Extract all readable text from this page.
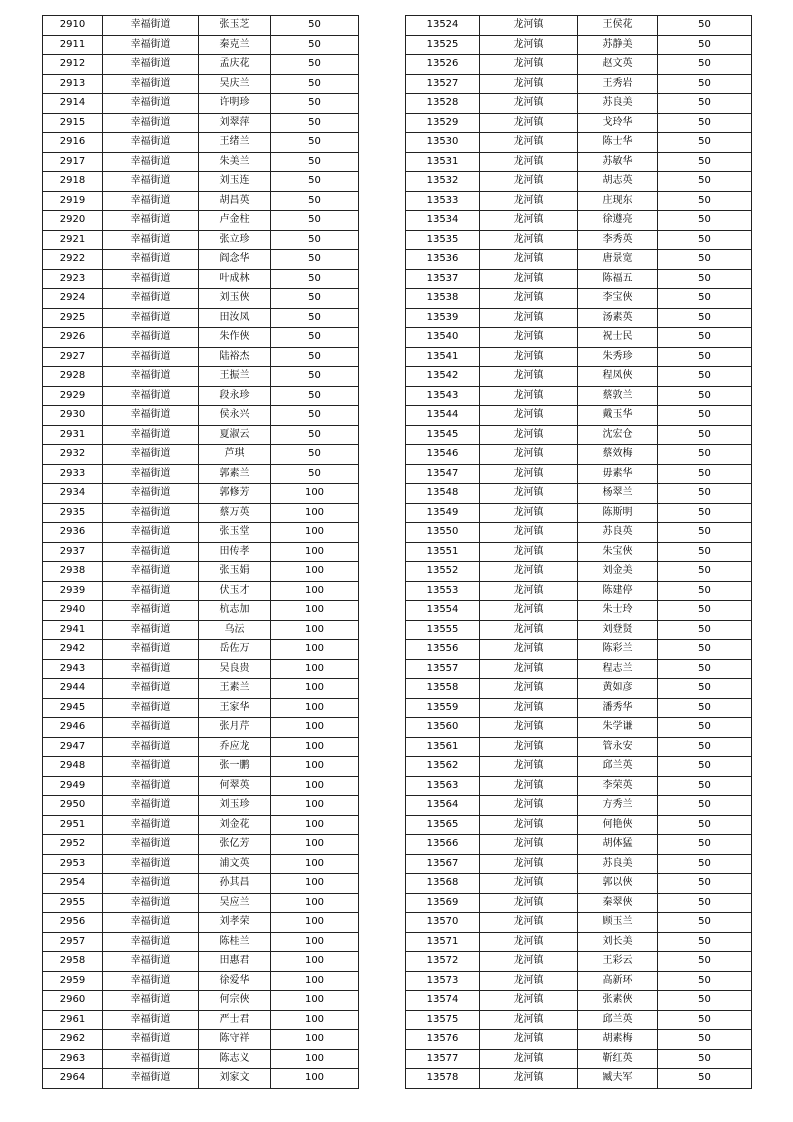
2910	幸福街道	张玉芝	50
2911	幸福街道	秦克兰	50
2912	幸福街道	孟庆花	50
2913	幸福街道	吴庆兰	50
2914	幸福街道	许明珍	50
2915	幸福街道	刘翠萍	50
2916	幸福街道	王绪兰	50
2917	幸福街道	朱美兰	50
2918	幸福街道	刘玉连	50
2919	幸福街道	胡昌英	50
2920	幸福街道	卢金柱	50
2921	幸福街道	张立珍	50
2922	幸福街道	阎念华	50
2923	幸福街道	叶成林	50
2924	幸福街道	刘玉俠	50
2925	幸福街道	田汝凤	50
2926	幸福街道	朱作俠	50
2927	幸福街道	陆裕杰	50
2928	幸福街道	王振兰	50
2929	幸福街道	段永珍	50
2930	幸福街道	侯永兴	50
2931	幸福街道	夏淑云	50
2932	幸福街道	芦琪	50
2933	幸福街道	郭素兰	50
2934	幸福街道	郭修芳	100
2935	幸福街道	蔡万英	100
2936	幸福街道	张玉堂	100
2937	幸福街道	田传孝	100
2938	幸福街道	张玉娟	100
2939	幸福街道	伏玉才	100
2940	幸福街道	杭志加	100
2941	幸福街道	乌沄	100
2942	幸福街道	岳佐万	100
2943	幸福街道	吴良贵	100
2944	幸福街道	王素兰	100
2945	幸福街道	王家华	100
2946	幸福街道	张月芹	100
2947	幸福街道	乔应龙	100
2948	幸福街道	张一鹏	100
2949	幸福街道	何翠英	100
2950	幸福街道	刘玉珍	100
2951	幸福街道	刘金花	100
2952	幸福街道	张亿芳	100
2953	幸福街道	浦文英	100
2954	幸福街道	孙其昌	100
2955	幸福街道	吴应兰	100
2956	幸福街道	刘孝荣	100
2957	幸福街道	陈桂兰	100
2958	幸福街道	田惠君	100
2959	幸福街道	徐爱华	100
2960	幸福街道	何宗俠	100
2961	幸福街道	严士君	100
2962	幸福街道	陈守祥	100
2963	幸福街道	陈志义	100
2964	幸福街道	刘家文	100
13524	龙河镇	王侯花	50
13525	龙河镇	苏静美	50
13526	龙河镇	赵文英	50
13527	龙河镇	王秀岩	50
13528	龙河镇	苏良美	50
13529	龙河镇	戈玲华	50
13530	龙河镇	陈士华	50
13531	龙河镇	苏敏华	50
13532	龙河镇	胡志英	50
13533	龙河镇	庄现东	50
13534	龙河镇	徐遵亮	50
13535	龙河镇	李秀英	50
13536	龙河镇	唐景宽	50
13537	龙河镇	陈福五	50
13538	龙河镇	李宝俠	50
13539	龙河镇	汤素英	50
13540	龙河镇	祝士民	50
13541	龙河镇	朱秀珍	50
13542	龙河镇	程凤俠	50
13543	龙河镇	蔡敦兰	50
13544	龙河镇	戴玉华	50
13545	龙河镇	沈宏仓	50
13546	龙河镇	蔡效梅	50
13547	龙河镇	毋素华	50
13548	龙河镇	杨翠兰	50
13549	龙河镇	陈斯明	50
13550	龙河镇	苏良英	50
13551	龙河镇	朱宝俠	50
13552	龙河镇	刘金美	50
13553	龙河镇	陈建停	50
13554	龙河镇	朱士玲	50
13555	龙河镇	刘登贤	50
13556	龙河镇	陈彩兰	50
13557	龙河镇	程志兰	50
13558	龙河镇	黄如彦	50
13559	龙河镇	潘秀华	50
13560	龙河镇	朱学谦	50
13561	龙河镇	管永安	50
13562	龙河镇	邱兰英	50
13563	龙河镇	李荣英	50
13564	龙河镇	方秀兰	50
13565	龙河镇	何艳俠	50
13566	龙河镇	胡体猛	50
13567	龙河镇	苏良美	50
13568	龙河镇	郭以俠	50
13569	龙河镇	秦翠俠	50
13570	龙河镇	顾玉兰	50
13571	龙河镇	刘长美	50
13572	龙河镇	王彩云	50
13573	龙河镇	高新环	50
13574	龙河镇	张素俠	50
13575	龙河镇	邱兰英	50
13576	龙河镇	胡素梅	50
13577	龙河镇	靳红英	50
13578	龙河镇	臧夫军	50
